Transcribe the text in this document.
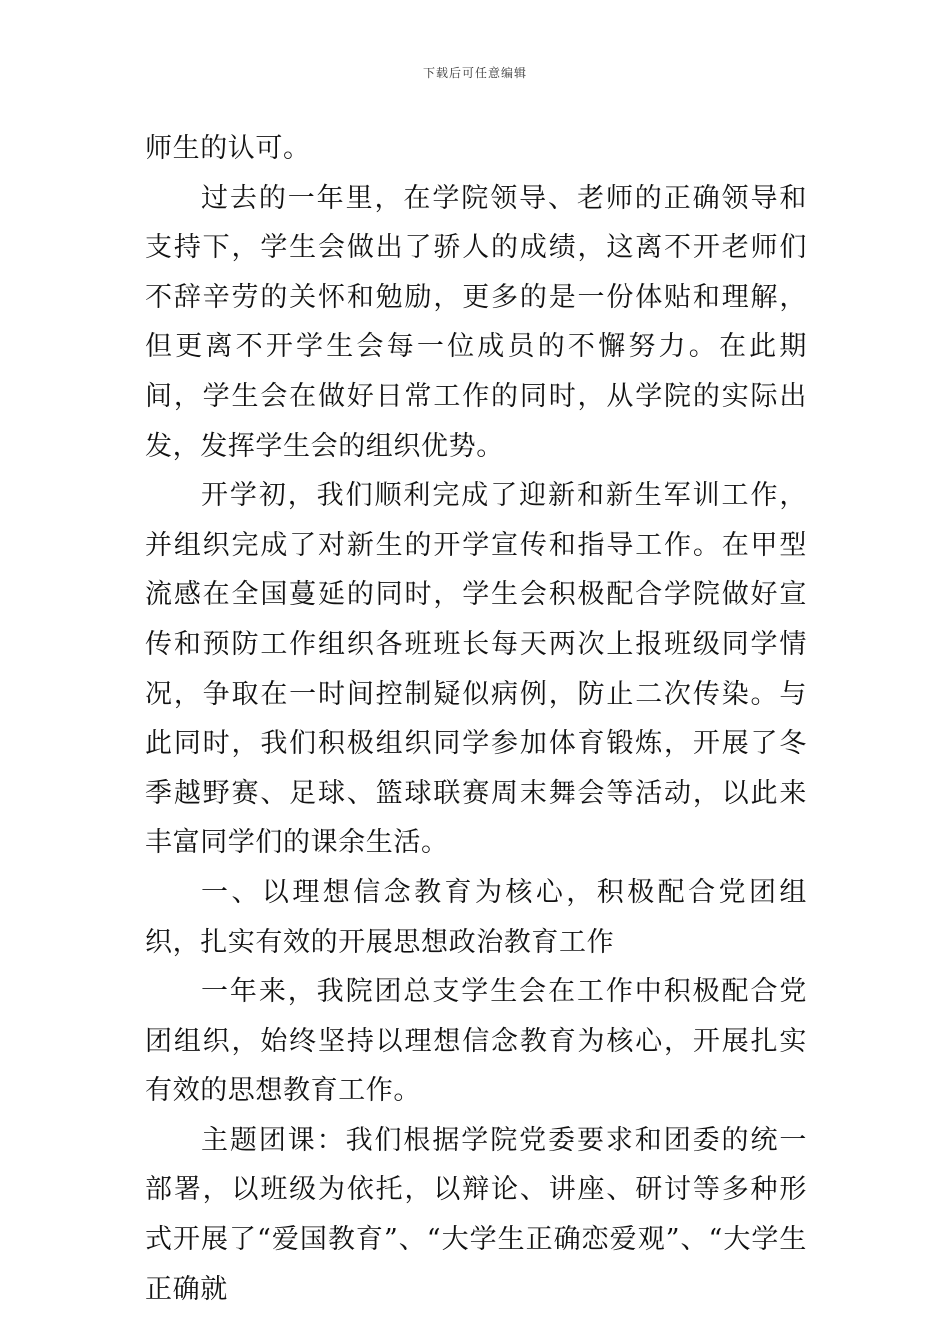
下载后可任意编辑

师生的认可。

过去的一年里，在学院领导、老师的正确领导和支持下，学生会做出了骄人的成绩，这离不开老师们不辞辛劳的关怀和勉励，更多的是一份体贴和理解，但更离不开学生会每一位成员的不懈努力。在此期间，学生会在做好日常工作的同时，从学院的实际出发，发挥学生会的组织优势。

开学初，我们顺利完成了迎新和新生军训工作，并组织完成了对新生的开学宣传和指导工作。在甲型流感在全国蔓延的同时，学生会积极配合学院做好宣传和预防工作组织各班班长每天两次上报班级同学情况，争取在一时间控制疑似病例，防止二次传染。与此同时，我们积极组织同学参加体育锻炼，开展了冬季越野赛、足球、篮球联赛周末舞会等活动，以此来丰富同学们的课余生活。

一、以理想信念教育为核心，积极配合党团组织，扎实有效的开展思想政治教育工作

一年来，我院团总支学生会在工作中积极配合党团组织，始终坚持以理想信念教育为核心，开展扎实有效的思想教育工作。

主题团课：我们根据学院党委要求和团委的统一部署，以班级为依托，以辩论、讲座、研讨等多种形式开展了“爱国教育”、“大学生正确恋爱观”、“大学生正确就
